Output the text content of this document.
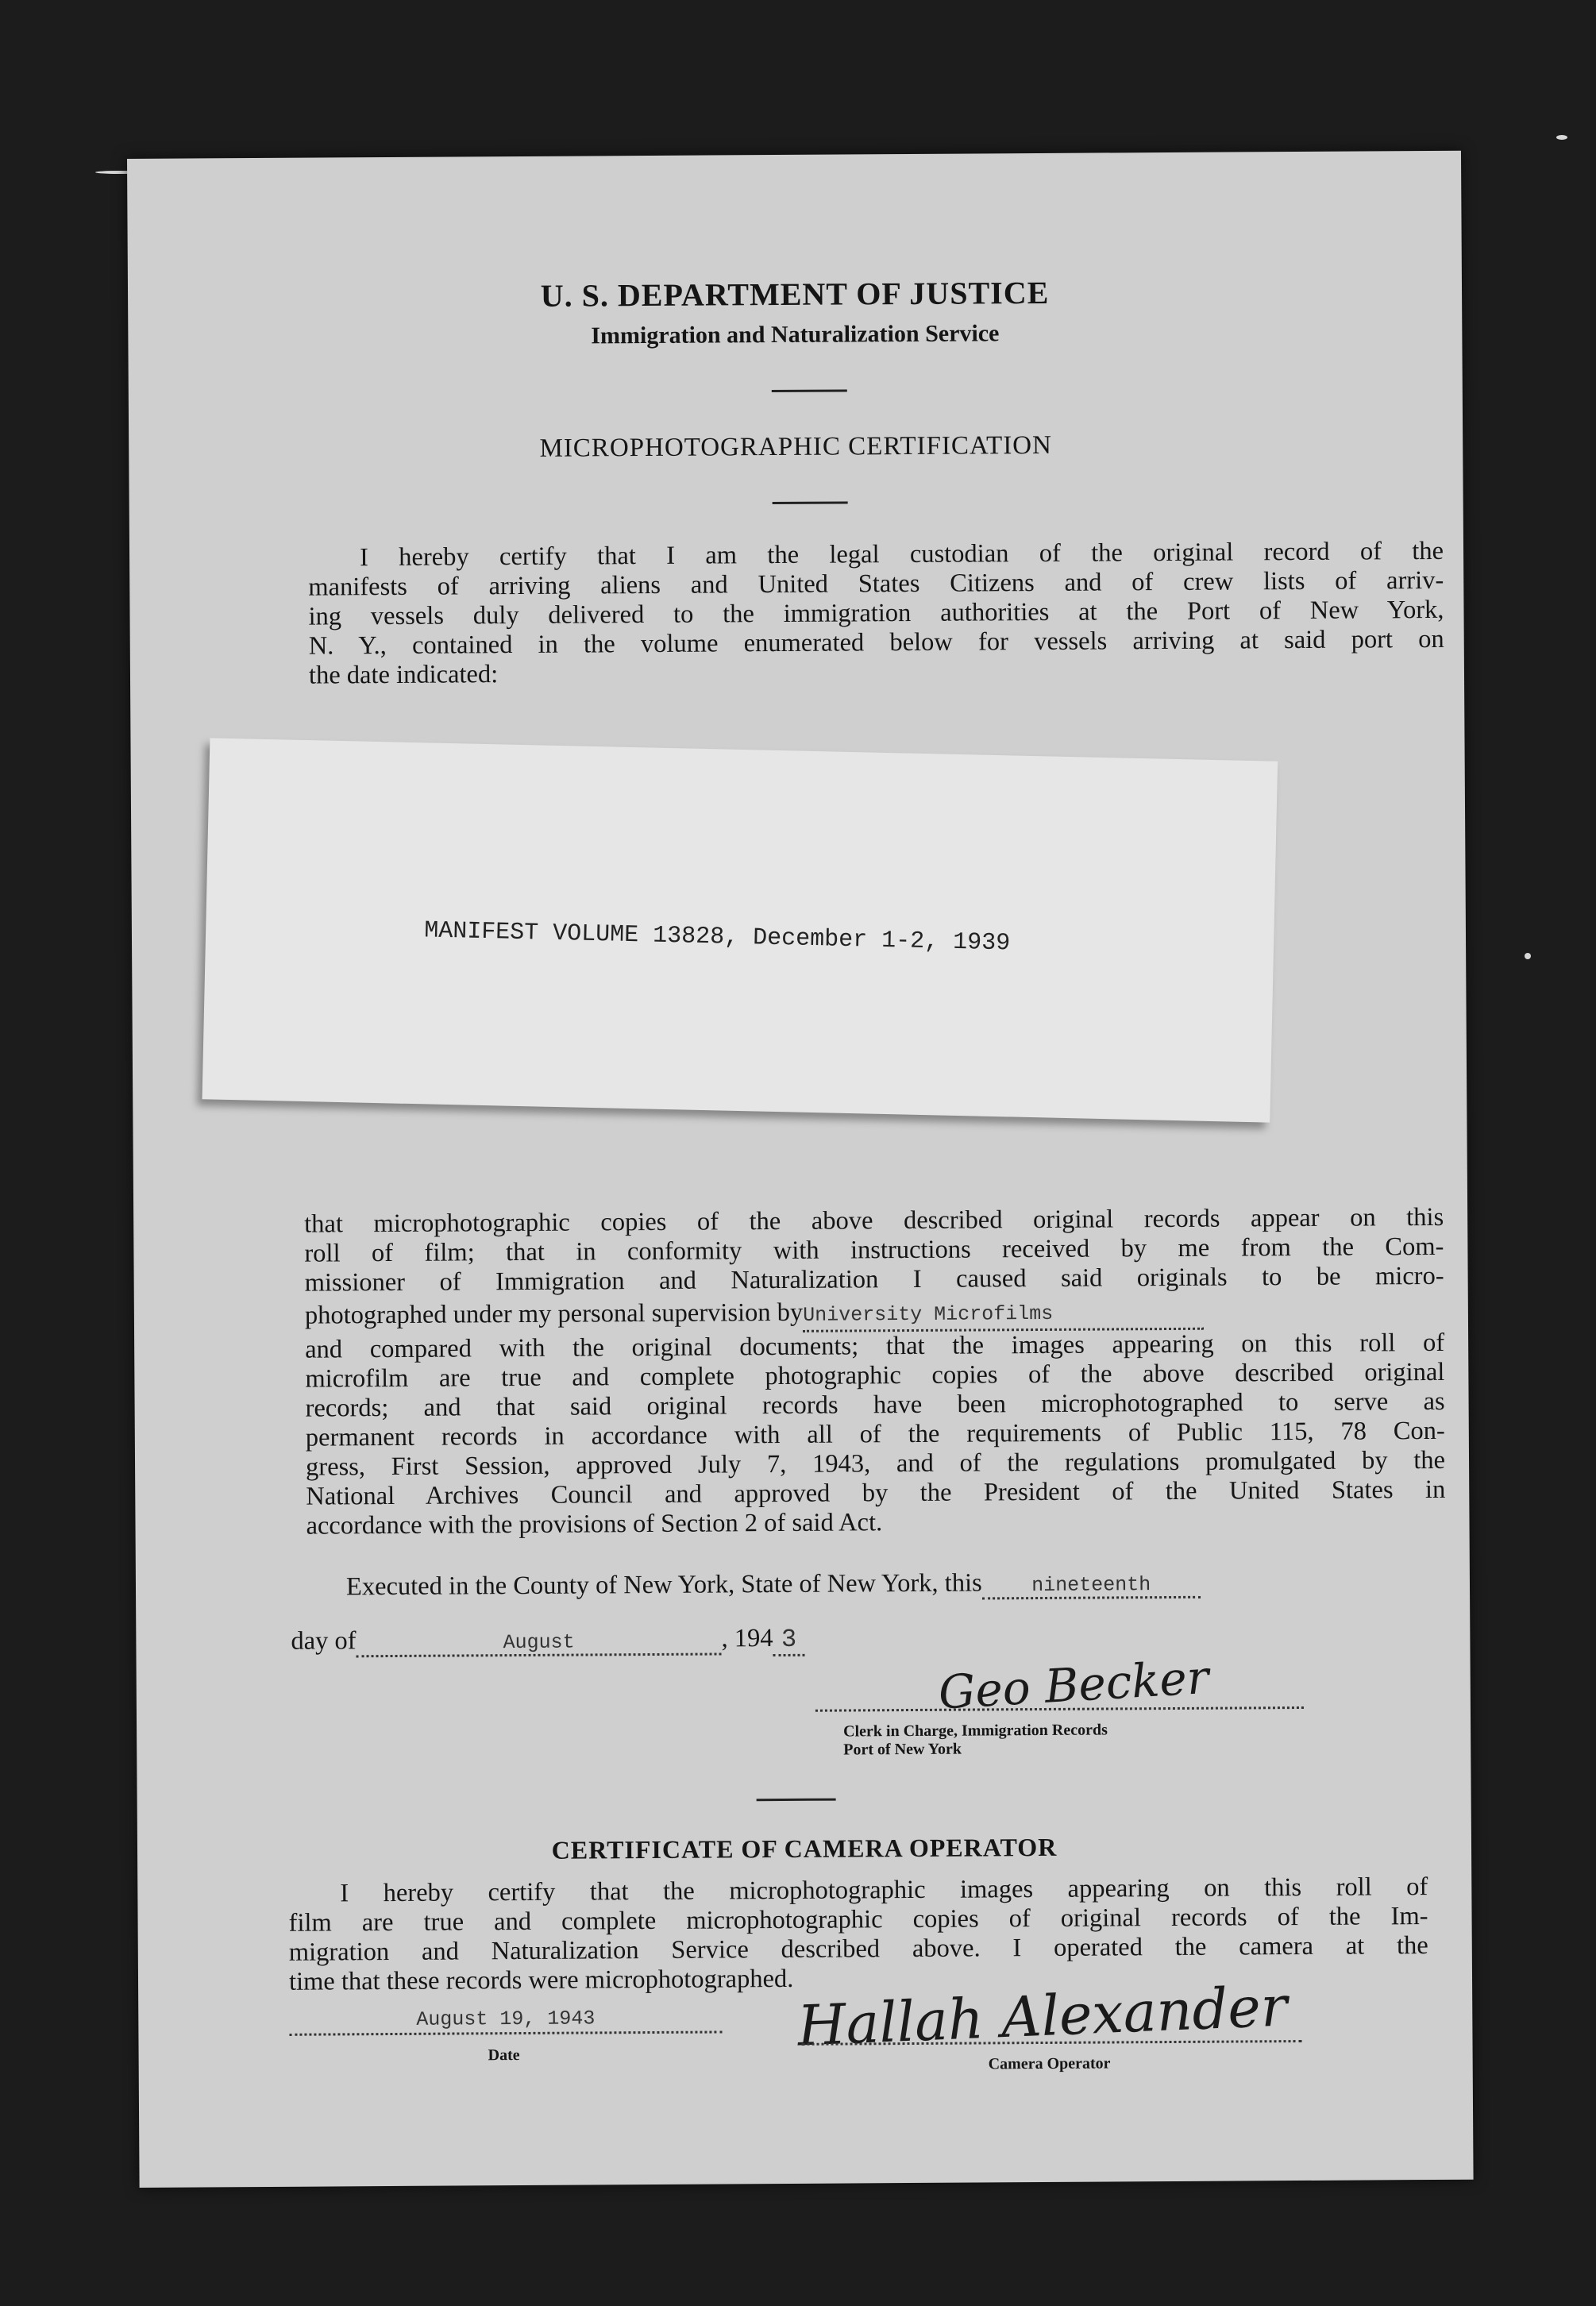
U. S. DEPARTMENT OF JUSTICE
Immigration and Naturalization Service
MICROPHOTOGRAPHIC CERTIFICATION
I hereby certify that I am the legal custodian of the original record of the
manifests of arriving aliens and United States Citizens and of crew lists of arriv-
ing vessels duly delivered to the immigration authorities at the Port of New York,
N. Y., contained in the volume enumerated below for vessels arriving at said port on
the date indicated:
MANIFEST VOLUME 13828, December 1-2, 1939
that microphotographic copies of the above described original records appear on this
roll of film; that in conformity with instructions received by me from the Com-
missioner of Immigration and Naturalization I caused said originals to be micro-
photographed under my personal supervision byUniversity Microfilms
and compared with the original documents; that the images appearing on this roll of
microfilm are true and complete photographic copies of the above described original
records; and that said original records have been microphotographed to serve as
permanent records in accordance with all of the requirements of Public 115, 78 Con-
gress, First Session, approved July 7, 1943, and of the regulations promulgated by the
National Archives Council and approved by the President of the United States in
accordance with the provisions of Section 2 of said Act.
Executed in the County of New York, State of New York, this nineteenth
day of	August	, 194 3
Geo Becker
Clerk in Charge, Immigration Records
Port of New York
CERTIFICATE OF CAMERA OPERATOR
I hereby certify that the microphotographic images appearing on this roll of
film are true and complete microphotographic copies of original records of the Im-
migration and Naturalization Service described above. I operated the camera at the
time that these records were microphotographed.
August 19, 1943
Date	Hallah Alexander
Camera Operator
